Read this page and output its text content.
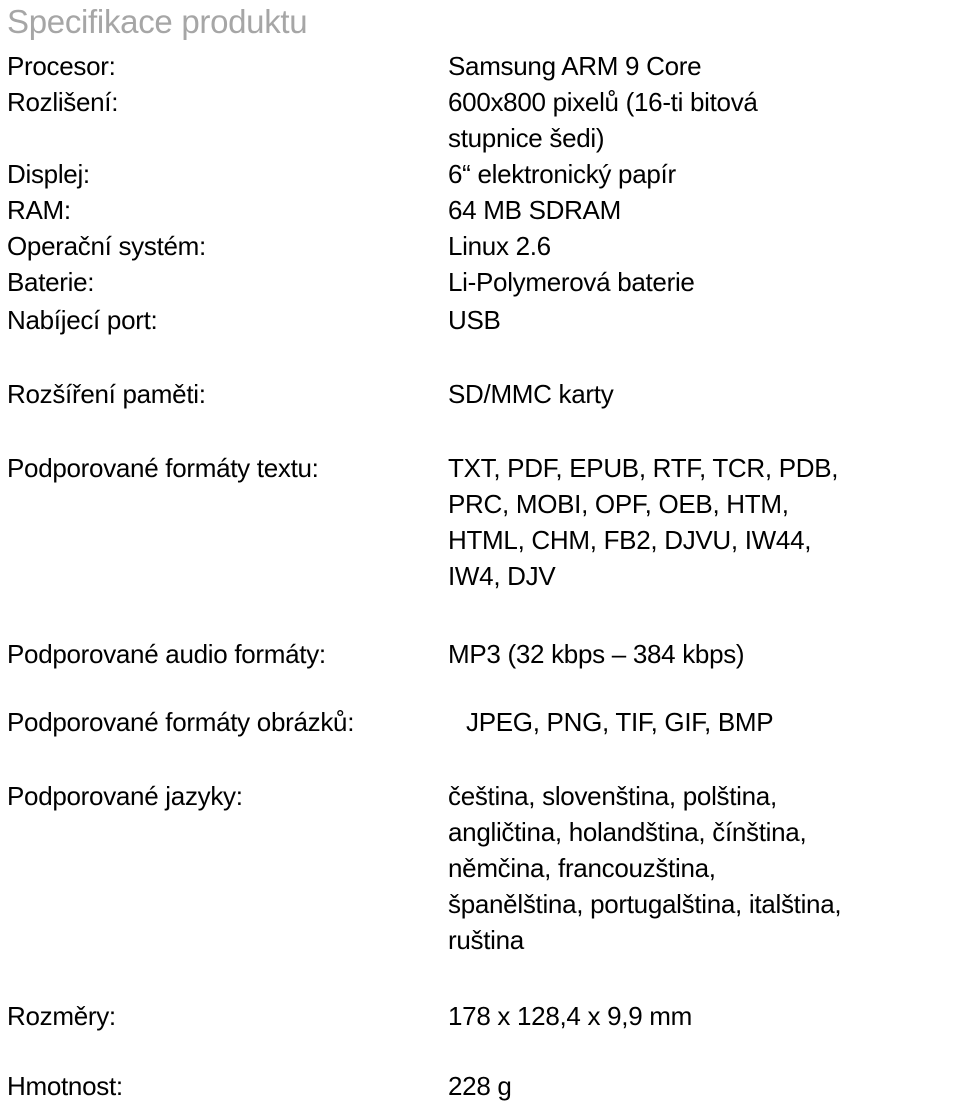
Specifikace produktu
Procesor:	Samsung ARM 9 Core
Rozlišení:	600x800 pixelů (16-ti bitová
stupnice šedi)
Displej:	6“ elektronický papír
RAM:	64 MB SDRAM
Operační systém:	Linux 2.6
Baterie:	Li-Polymerová baterie
Nabíjecí port:	USB
Rozšíření paměti:	SD/MMC karty
Podporované formáty textu:	TXT, PDF, EPUB, RTF, TCR, PDB,
PRC, MOBI, OPF, OEB, HTM,
HTML, CHM, FB2, DJVU, IW44,
IW4, DJV
Podporované audio formáty:	MP3 (32 kbps – 384 kbps)
Podporované formáty obrázků:	JPEG, PNG, TIF, GIF, BMP
Podporované jazyky:	čeština, slovenština, polština,
angličtina, holandština, čínština,
němčina, francouzština,
španělština, portugalština, italština,
ruština
Rozměry:	178 x 128,4 x 9,9 mm
Hmotnost:	228 g
